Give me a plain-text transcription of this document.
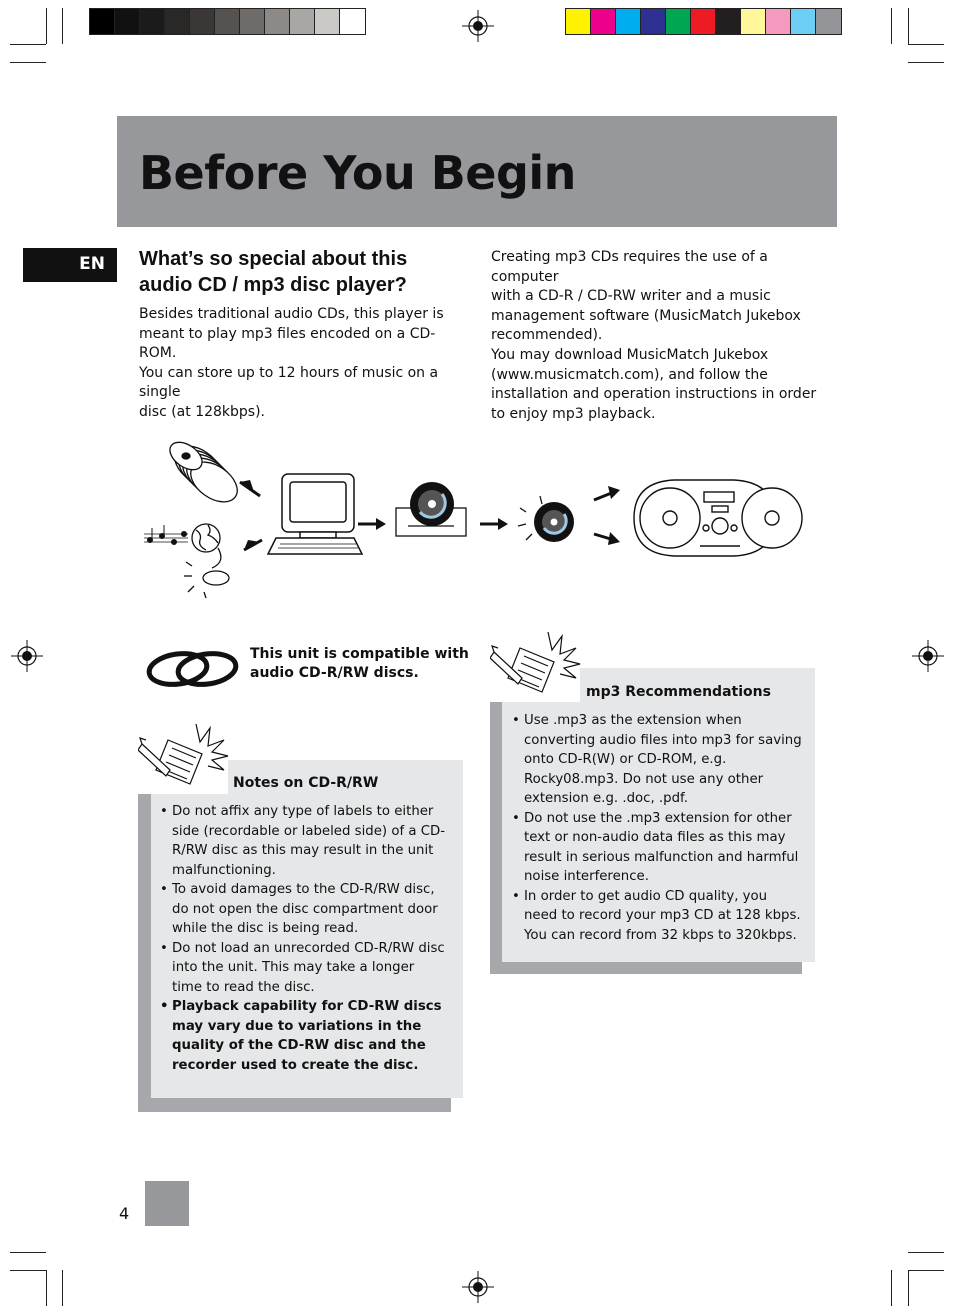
Before You Begin
EN	What’s so special about this audio CD / mp3 disc player?
Besides traditional audio CDs, this player is
meant to play mp3 files encoded on a CD-ROM.
You can store up to 12 hours of music on a single
disc (at 128kbps).
Creating mp3 CDs requires the use of a computer
with a CD-R / CD-RW writer and a music
management software (MusicMatch Jukebox
recommended).
You may download MusicMatch Jukebox
(www.musicmatch.com), and follow the
installation and operation instructions in order
to enjoy mp3 playback.
This unit is compatible with
audio CD-R/RW discs.
Notes on CD-R/RW
• Do not affix any type of labels to either side (recordable or labeled side) of a CD-R/RW disc as this may result in the unit malfunctioning.
• To avoid damages to the CD-R/RW disc, do not open the disc compartment door while the disc is being read.
• Do not load an unrecorded CD-R/RW disc into the unit. This may take a longer time to read the disc.
• Playback capability for CD-RW discs may vary due to variations in the quality of the CD-RW disc and the recorder used to create the disc.
mp3 Recommendations
• Use .mp3 as the extension when converting audio files into mp3 for saving onto CD-R(W) or CD-ROM, e.g. Rocky08.mp3. Do not use any other extension e.g. .doc, .pdf.
• Do not use the .mp3 extension for other text or non-audio data files as this may result in serious malfunction and harmful noise interference.
• In order to get audio CD quality, you need to record your mp3 CD at 128 kbps. You can record from 32 kbps to 320kbps.
4
